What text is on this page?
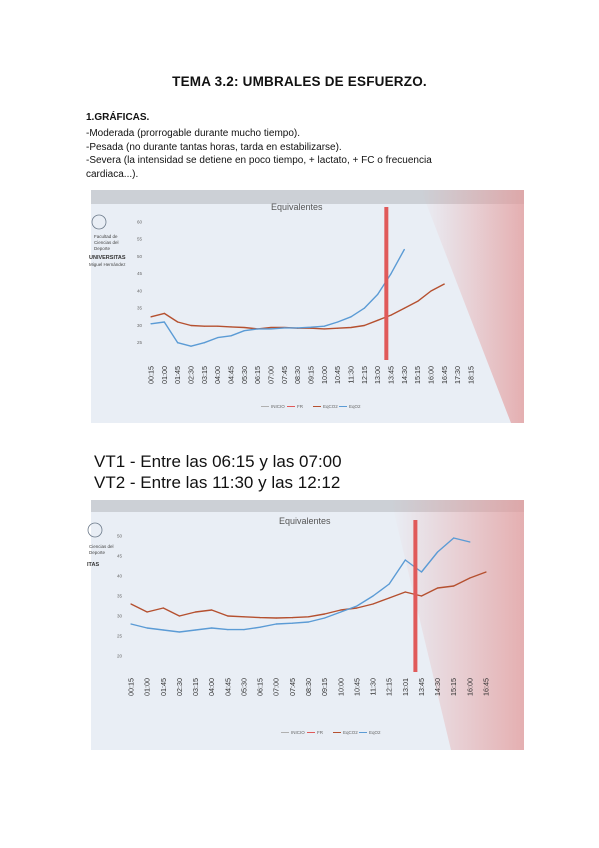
TEMA 3.2: UMBRALES DE ESFUERZO.
1.GRÁFICAS.
-Moderada (prorrogable durante mucho tiempo).
-Pesada (no durante tantas horas, tarda en estabilizarse).
-Severa (la intensidad se detiene en poco tiempo, + lactato, + FC o frecuencia
cardiaca...).
Facultad de
Ciencias del
Deporte
UNIVERSITAS
Miguel Hernández
Equivalentes
25
30
35
40
45
50
55
60
00:15 01:00 01:45 02:30 03:15 04:00 04:45 05:30 06:15 07:00 07:45 08:30 09:15 10:00 10:45 11:30 12:15 13:00 13:45 14:30 15:15 16:00 16:45 17:30 18:15
INICIO	FR	EqCO2 EqO2
VT1 - Entre las 06:15 y las 07:00
VT2 - Entre las 11:30 y las 12:12
Ciencias del
Deporte
ITAS
Equivalentes
20
25
30
35
40
45
50
00:15 01:00 01:45 02:30 03:15 04:00 04:45 05:30 06:15 07:00 07:45 08:30 09:15 10:00 10:45 11:30 12:15 13:01 13:45 14:30 15:15 16:00 16:45
INICIO	FR	EqCO2 EqO2
